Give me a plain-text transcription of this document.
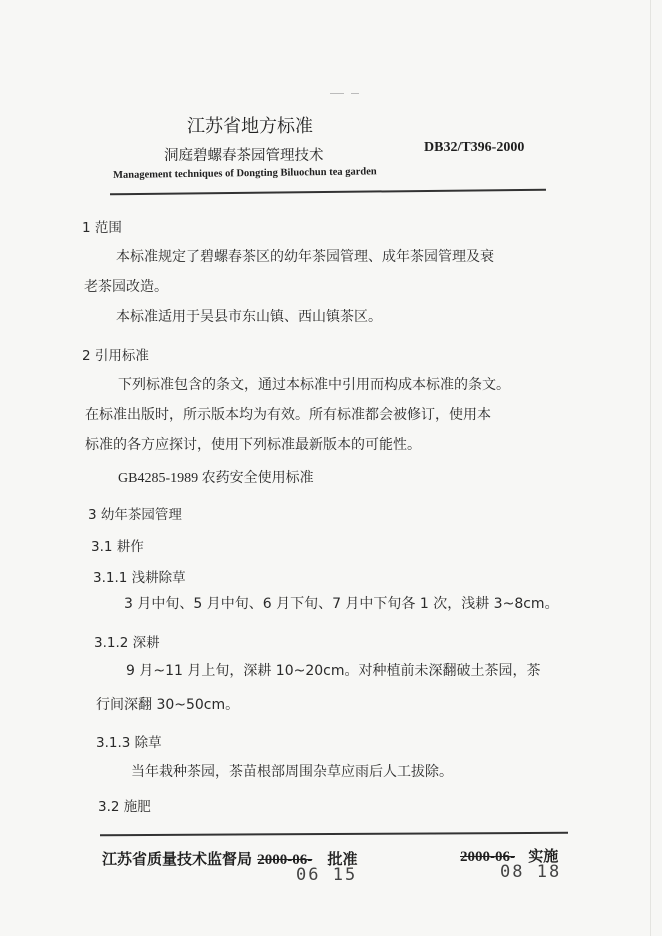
江苏省地方标准
洞庭碧螺春茶园管理技术
DB32/T396-2000
Management techniques of Dongting Biluochun tea garden
1 范围
本标准规定了碧螺春茶区的幼年茶园管理、成年茶园管理及衰
老茶园改造。
本标准适用于吴县市东山镇、西山镇茶区。
2 引用标准
下列标准包含的条文，通过本标准中引用而构成本标准的条文。
在标准出版时，所示版本均为有效。所有标准都会被修订，使用本
标准的各方应探讨，使用下列标准最新版本的可能性。
GB4285-1989 农药安全使用标准
3 幼年茶园管理
3.1 耕作
3.1.1 浅耕除草
3 月中旬、5 月中旬、6 月下旬、7 月中下旬各 1 次，浅耕 3~8cm。
3.1.2 深耕
9 月~11 月上旬，深耕 10~20cm。对种植前未深翻破土茶园，茶
行间深翻 30~50cm。
3.1.3 除草
当年栽种茶园，茶苗根部周围杂草应雨后人工拔除。
3.2 施肥
江苏省质量技术监督局 2000-06- 批准
06 15
2000-06- 实施
08 18
